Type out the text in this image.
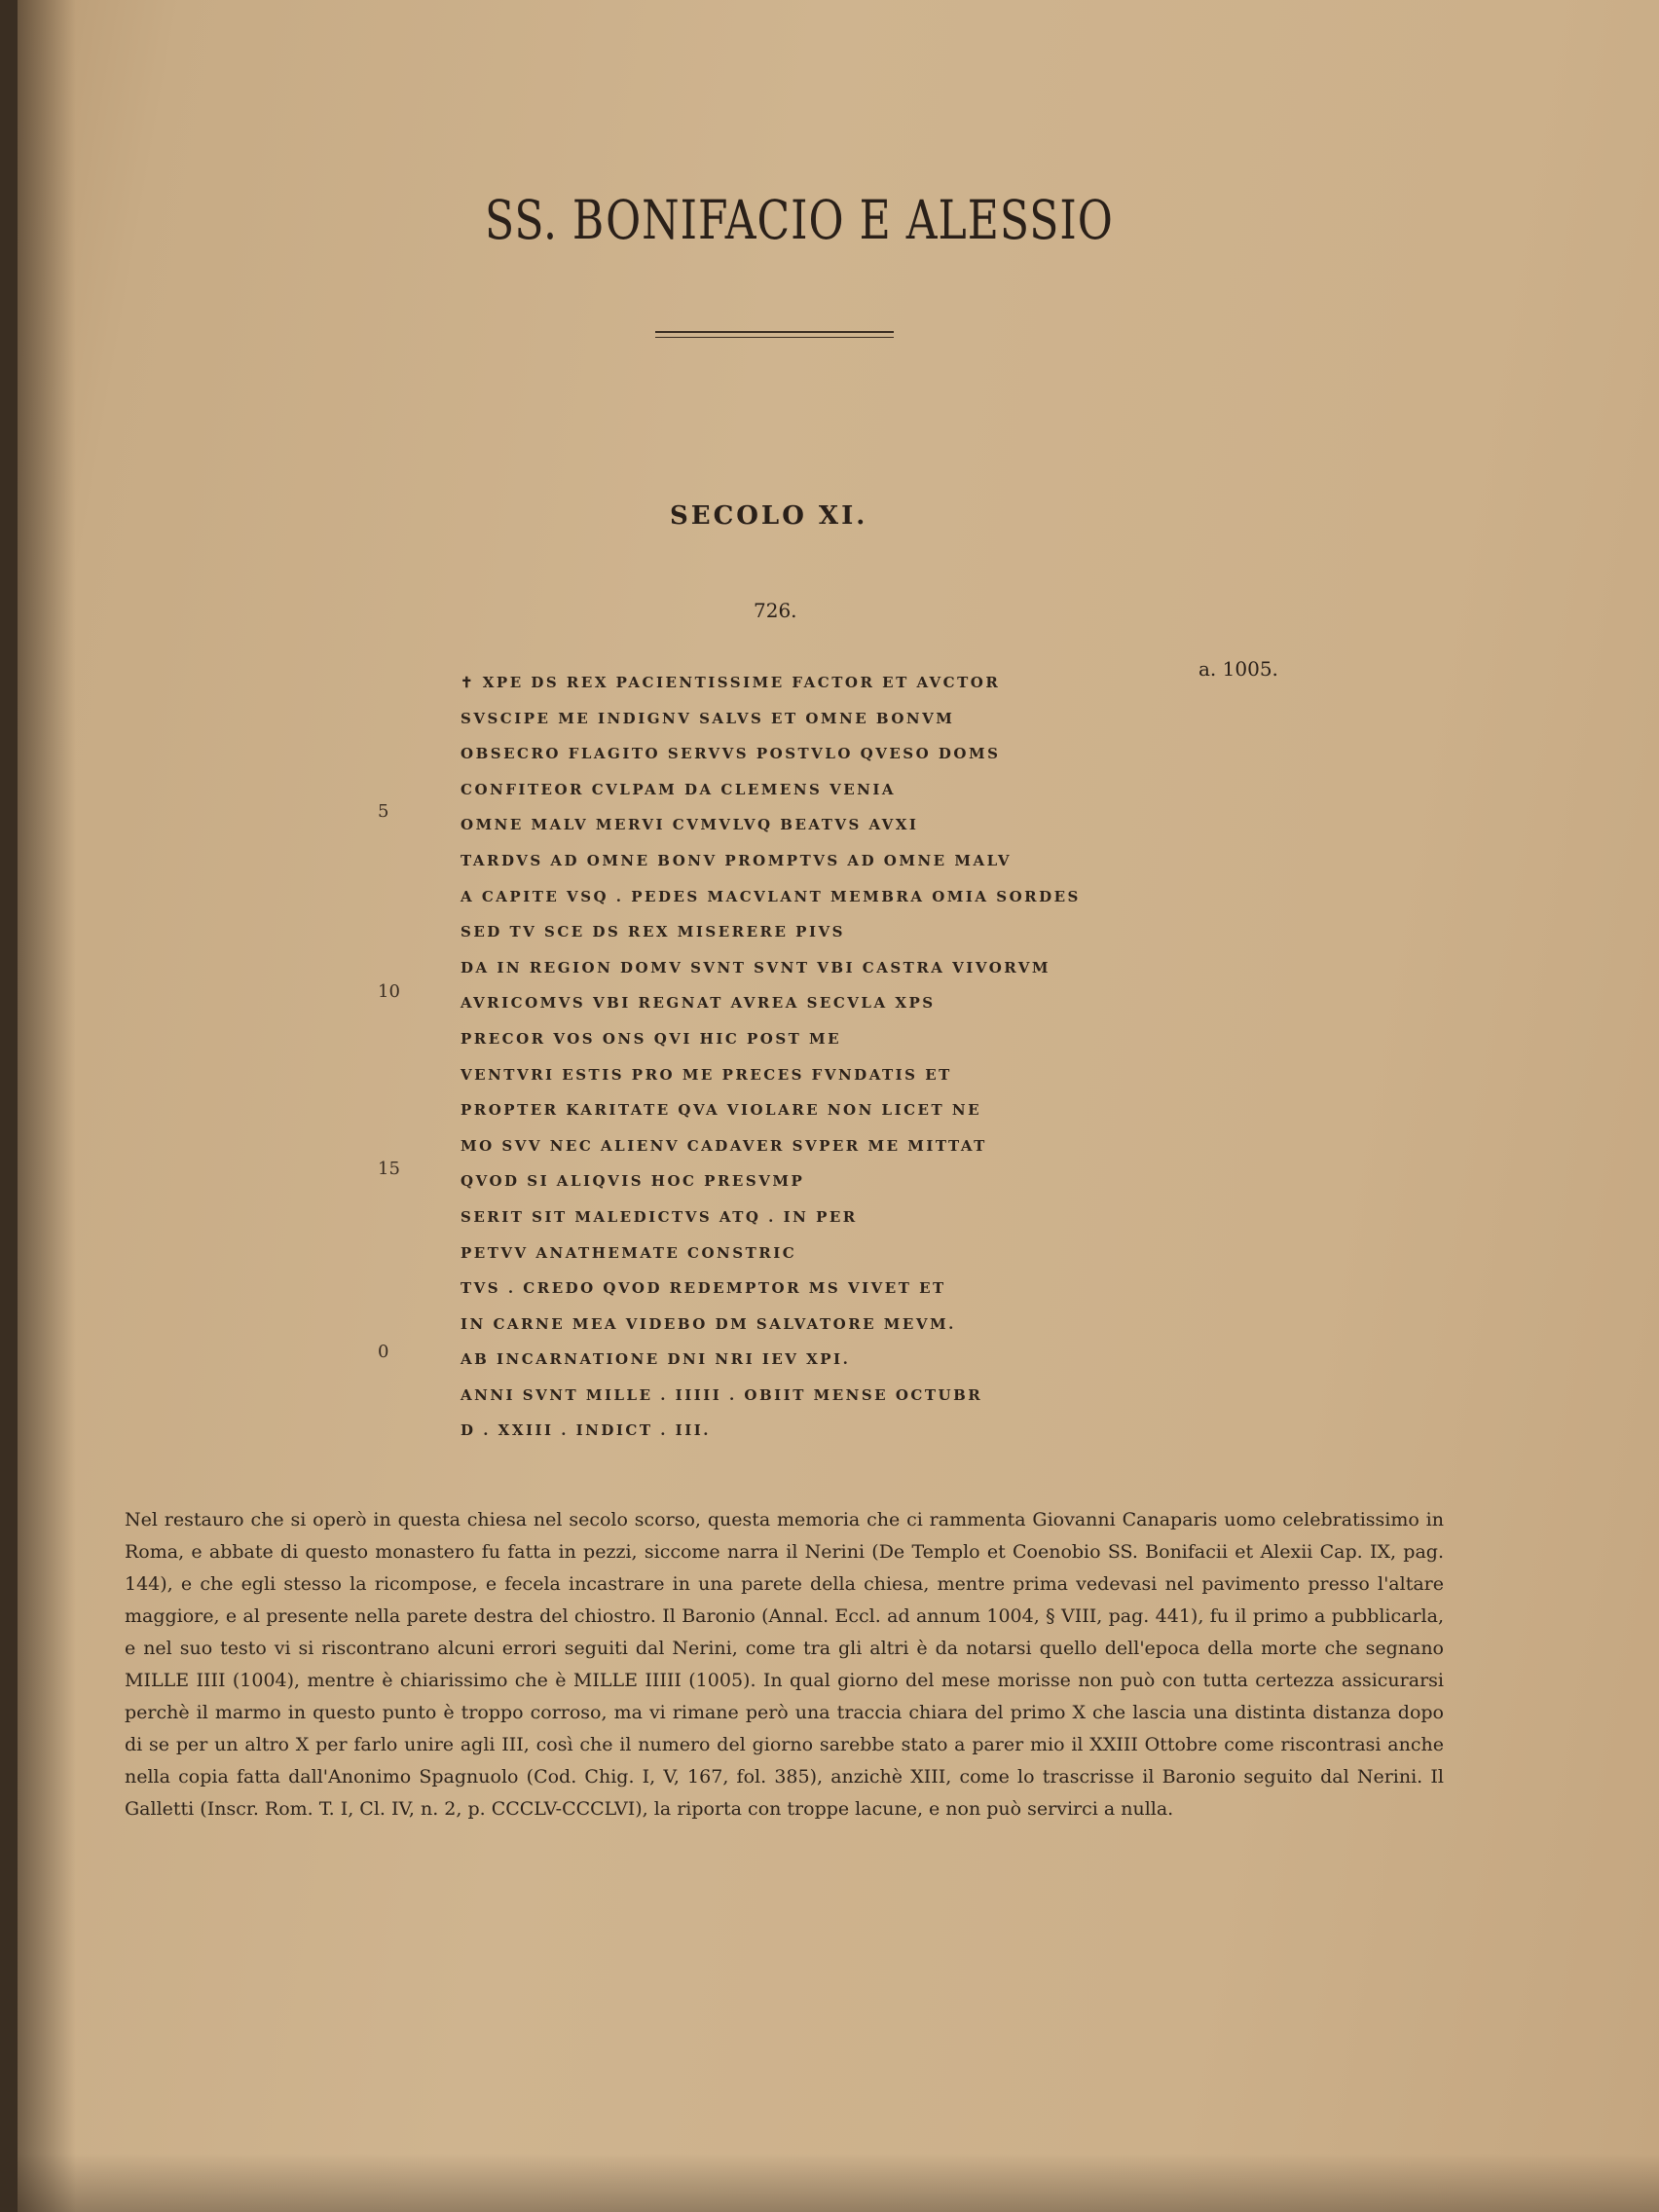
SS. BONIFACIO E ALESSIO
SECOLO XI.
726.
a. 1005.
✝ XPE DS REX PACIENTISSIME FACTOR ET AVCTOR
SVSCIPE ME INDIGNV SALVS ET OMNE BONVM
OBSECRO FLAGITO SERVVS POSTVLO QVESO DOMS
CONFITEOR CVLPAM DA CLEMENS VENIA
OMNE MALV MERVI CVMVLVQ BEATVS AVXI
TARDVS AD OMNE BONV PROMPTVS AD OMNE MALV
A CAPITE VSQ . PEDES MACVLANT MEMBRA OMIA SORDES
SED TV SCE DS REX MISERERE PIVS
DA IN REGION DOMV SVNT SVNT VBI CASTRA VIVORVM
AVRICOMVS VBI REGNAT AVREA SECVLA XPS
PRECOR VOS ONS QVI HIC POST ME
VENTVRI ESTIS PRO ME PRECES FVNDATIS ET
PROPTER KARITATE QVA VIOLARE NON LICET NE
MO SVV NEC ALIENV CADAVER SVPER ME MITTAT
QVOD SI ALIQVIS HOC PRESVMP
SERIT SIT MALEDICTVS ATQ . IN PER
PETVV ANATHEMATE CONSTRIC
TVS . CREDO QVOD REDEMPTOR MS VIVET ET
IN CARNE MEA VIDEBO DM SALVATORE MEVM.
AB INCARNATIONE DNI NRI IEV XPI.
ANNI SVNT MILLE . IIIII . OBIIT MENSE OCTUBR
D . XXIII . INDICT . III.
5
10
15
0
Nel restauro che si operò in questa chiesa nel secolo scorso, questa memoria che ci rammenta Giovanni Canaparis uomo celebratissimo in Roma, e abbate di questo monastero fu fatta in pezzi, siccome narra il Nerini (De Templo et Coenobio SS. Bonifacii et Alexii Cap. IX, pag. 144), e che egli stesso la ricompose, e fecela incastrare in una parete della chiesa, mentre prima vedevasi nel pavimento presso l'altare maggiore, e al presente nella parete destra del chiostro. Il Baronio (Annal. Eccl. ad annum 1004, § VIII, pag. 441), fu il primo a pubblicarla, e nel suo testo vi si riscontrano alcuni errori seguiti dal Nerini, come tra gli altri è da notarsi quello dell'epoca della morte che segnano MILLE IIII (1004), mentre è chiarissimo che è MILLE IIIII (1005). In qual giorno del mese morisse non può con tutta certezza assicurarsi perchè il marmo in questo punto è troppo corroso, ma vi rimane però una traccia chiara del primo X che lascia una distinta distanza dopo di se per un altro X per farlo unire agli III, così che il numero del giorno sarebbe stato a parer mio il XXIII Ottobre come riscontrasi anche nella copia fatta dall'Anonimo Spagnuolo (Cod. Chig. I, V, 167, fol. 385), anzichè XIII, come lo trascrisse il Baronio seguito dal Nerini. Il Galletti (Inscr. Rom. T. I, Cl. IV, n. 2, p. CCCLV-CCCLVI), la riporta con troppe lacune, e non può servirci a nulla.
